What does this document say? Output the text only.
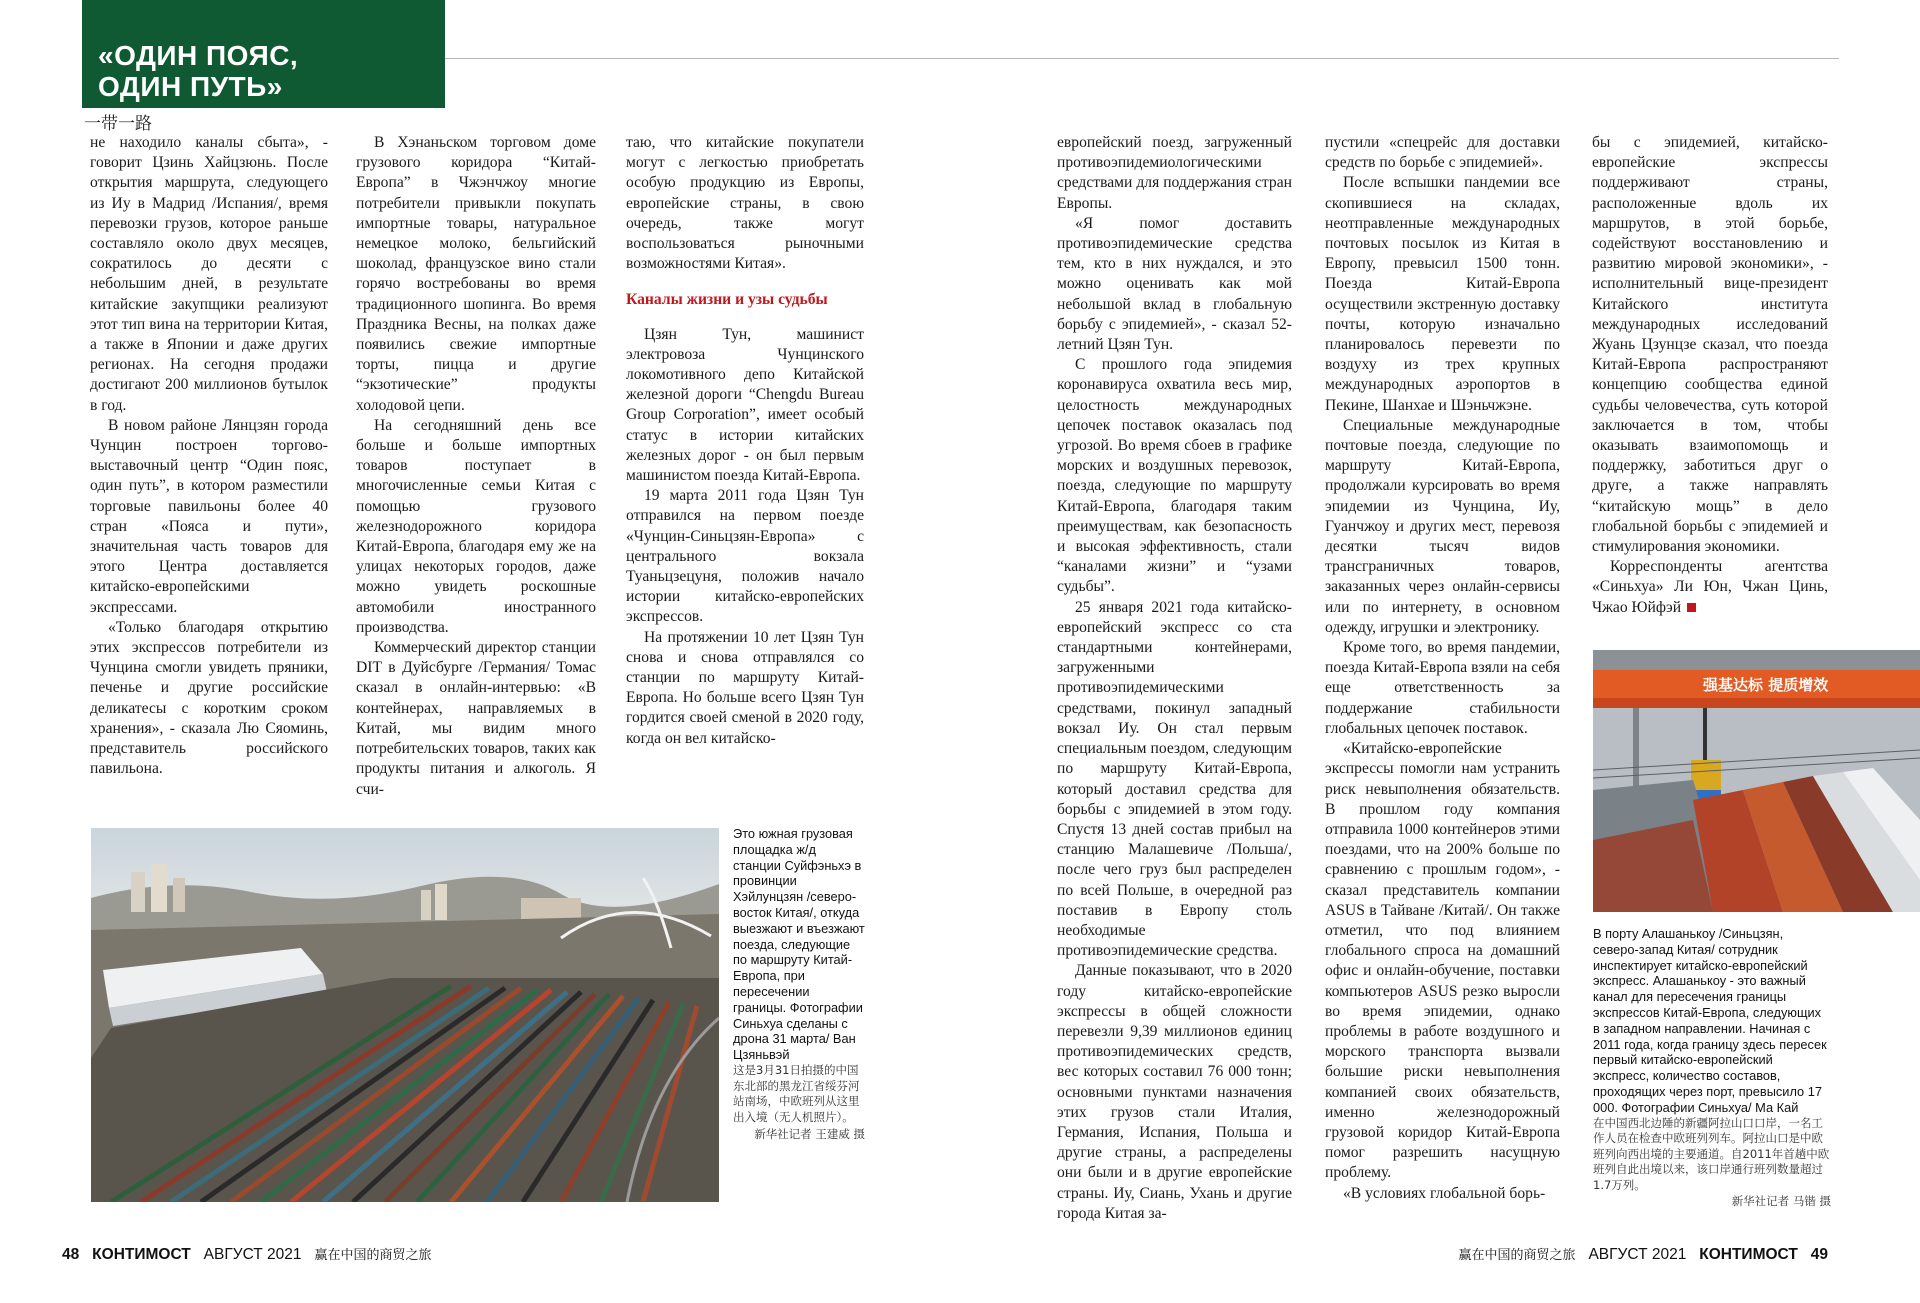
«ОДИН ПОЯС,
ОДИН ПУТЬ»
一带一路

не находило каналы сбыта», - говорит Цзинь Хайцзюнь. После открытия маршрута, следующего из Иу в Мадрид /Испания/, время перевозки грузов, которое раньше составляло около двух месяцев, сократилось до десяти с небольшим дней, в результате китайские закупщики реализуют этот тип вина на территории Китая, а также в Японии и даже других регионах. На сегодня продажи достигают 200 миллионов бутылок в год.

В новом районе Лянцзян города Чунцин построен торгово-выставочный центр “Один пояс, один путь”, в котором разместили торговые павильоны более 40 стран «Пояса и пути», значительная часть товаров для этого Центра доставляется китайско-европейскими экспрессами.

«Только благодаря открытию этих экспрессов потребители из Чунцина смогли увидеть пряники, печенье и другие российские деликатесы с коротким сроком хранения», - сказала Лю Сяоминь, представитель российского павильона.

В Хэнаньском торговом доме грузового коридора “Китай-Европа” в Чжэнчжоу многие потребители привыкли покупать импортные товары, натуральное немецкое молоко, бельгийский шоколад, французское вино стали горячо востребованы во время традиционного шопинга. Во время Праздника Весны, на полках даже появились свежие импортные торты, пицца и другие “экзотические” продукты холодовой цепи.

На сегодняшний день все больше и больше импортных товаров поступает в многочисленные семьи Китая с помощью грузового железнодорожного коридора Китай-Европа, благодаря ему же на улицах некоторых городов, даже можно увидеть роскошные автомобили иностранного производства.

Коммерческий директор станции DIT в Дуйсбурге /Германия/ Томас сказал в онлайн-интервью: «В контейнерах, направляемых в Китай, мы видим много потребительских товаров, таких как продукты питания и алкоголь. Я счи-

таю, что китайские покупатели могут с легкостью приобретать особую продукцию из Европы, европейские страны, в свою очередь, также могут воспользоваться рыночными возможностями Китая».

Каналы жизни и узы судьбы

Цзян Тун, машинист электровоза Чунцинского локомотивного депо Китайской железной дороги “Chengdu Bureau Group Corporation”, имеет особый статус в истории китайских железных дорог - он был первым машинистом поезда Китай-Европа.

19 марта 2011 года Цзян Тун отправился на первом поезде «Чунцин-Синьцзян-Европа» с центрального вокзала Туаньцзецуня, положив начало истории китайско-европейских экспрессов.

На протяжении 10 лет Цзян Тун снова и снова отправлялся со станции по маршруту Китай-Европа. Но больше всего Цзян Тун гордится своей сменой в 2020 году, когда он вел китайско-

Это южная грузовая площадка ж/д станции Суйфэньхэ в провинции Хэйлунцзян /северо-восток Китая/, откуда выезжают и въезжают поезда, следующие по маршруту Китай-Европа, при пересечении границы. Фотографии Синьхуа сделаны с дрона 31 марта/ Ван Цзяньвэй
这是3月31日拍摄的中国东北部的黑龙江省绥芬河站南场，中欧班列从这里出入境（无人机照片）。
新华社记者 王建威 摄

европейский поезд, загруженный противоэпидемиологическими средствами для поддержания стран Европы.

«Я помог доставить противоэпидемические средства тем, кто в них нуждался, и это можно оценивать как мой небольшой вклад в глобальную борьбу с эпидемией», - сказал 52-летний Цзян Тун.

С прошлого года эпидемия коронавируса охватила весь мир, целостность международных цепочек поставок оказалась под угрозой. Во время сбоев в графике морских и воздушных перевозок, поезда, следующие по маршруту Китай-Европа, благодаря таким преимуществам, как безопасность и высокая эффективность, стали “каналами жизни” и “узами судьбы”.

25 января 2021 года китайско-европейский экспресс со ста стандартными контейнерами, загруженными противоэпидемическими средствами, покинул западный вокзал Иу. Он стал первым специальным поездом, следующим по маршруту Китай-Европа, который доставил средства для борьбы с эпидемией в этом году. Спустя 13 дней состав прибыл на станцию Малашевиче /Польша/, после чего груз был распределен по всей Польше, в очередной раз поставив в Европу столь необходимые противоэпидемические средства.

Данные показывают, что в 2020 году китайско-европейские экспрессы в общей сложности перевезли 9,39 миллионов единиц противоэпидемических средств, вес которых составил 76 000 тонн; основными пунктами назначения этих грузов стали Италия, Германия, Испания, Польша и другие страны, а распределены они были и в другие европейские страны. Иу, Сиань, Ухань и другие города Китая за-

пустили «спецрейс для доставки средств по борьбе с эпидемией».

После вспышки пандемии все скопившиеся на складах, неотправленные международных почтовых посылок из Китая в Европу, превысил 1500 тонн. Поезда Китай-Европа осуществили экстренную доставку почты, которую изначально планировалось перевезти по воздуху из трех крупных международных аэропортов в Пекине, Шанхае и Шэньчжэне.

Специальные международные почтовые поезда, следующие по маршруту Китай-Европа, продолжали курсировать во время эпидемии из Чунцина, Иу, Гуанчжоу и других мест, перевозя десятки тысяч видов трансграничных товаров, заказанных через онлайн-сервисы или по интернету, в основном одежду, игрушки и электронику.

Кроме того, во время пандемии, поезда Китай-Европа взяли на себя еще ответственность за поддержание стабильности глобальных цепочек поставок.

«Китайско-европейские экспрессы помогли нам устранить риск невыполнения обязательств. В прошлом году компания отправила 1000 контейнеров этими поездами, что на 200% больше по сравнению с прошлым годом», - сказал представитель компании ASUS в Тайване /Китай/. Он также отметил, что под влиянием глобального спроса на домашний офис и онлайн-обучение, поставки компьютеров ASUS резко выросли во время эпидемии, однако проблемы в работе воздушного и морского транспорта вызвали большие риски невыполнения компанией своих обязательств, именно железнодорожный грузовой коридор Китай-Европа помог разрешить насущную проблему.

«В условиях глобальной борь-

бы с эпидемией, китайско-европейские экспрессы поддерживают страны, расположенные вдоль их маршрутов, в этой борьбе, содействуют восстановлению и развитию мировой экономики», - исполнительный вице-президент Китайского института международных исследований Жуань Цзунцзе сказал, что поезда Китай-Европа распространяют концепцию сообщества единой судьбы человечества, суть которой заключается в том, чтобы оказывать взаимопомощь и поддержку, заботиться друг о друге, а также направлять “китайскую мощь” в дело глобальной борьбы с эпидемией и стимулирования экономики.

Корреспонденты агентства «Синьхуа» Ли Юн, Чжан Цинь, Чжао Юйфэй

强基达标 提质增效
В порту Алашанькоу /Синьцзян, северо-запад Китая/ сотрудник инспектирует китайско-европейский экспресс. Алашанькоу - это важный канал для пересечения границы экспрессов Китай-Европа, следующих в западном направлении. Начиная с 2011 года, когда границу здесь пересек первый китайско-европейский экспресс, количество составов, проходящих через порт, превысило 17 000. Фотографии Синьхуа/ Ма Кай
在中国西北边陲的新疆阿拉山口口岸，一名工作人员在检查中欧班列列车。阿拉山口是中欧班列向西出境的主要通道。自2011年首趟中欧班列自此出境以来，该口岸通行班列数量超过1.7万列。
新华社记者 马锴 摄
48 КОНТИМОСТ АВГУСТ 2021 赢在中国的商贸之旅	赢在中国的商贸之旅 АВГУСТ 2021 КОНТИМОСТ 49
